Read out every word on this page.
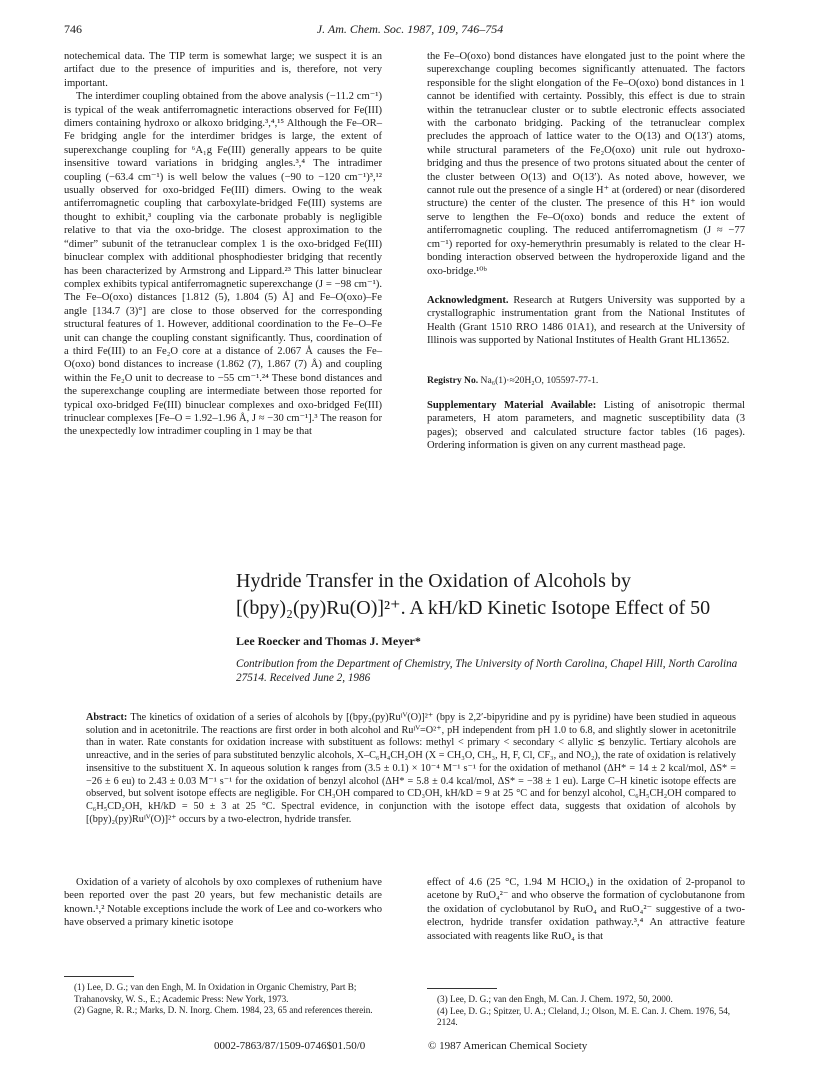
746	J. Am. Chem. Soc. 1987, 109, 746–754

notechemical data. The TIP term is somewhat large; we suspect it is an artifact due to the presence of impurities and is, therefore, not very important.

The interdimer coupling obtained from the above analysis (−11.2 cm⁻¹) is typical of the weak antiferromagnetic interactions observed for Fe(III) dimers containing hydroxo or alkoxo bridging.³,⁴,¹⁵ Although the Fe–OR–Fe bridging angle for the interdimer bridges is large, the extent of superexchange coupling for ⁶A₁g Fe(III) generally appears to be quite insensitive toward variations in bridging angles.³,⁴ The intradimer coupling (−63.4 cm⁻¹) is well below the values (−90 to −120 cm⁻¹)³,¹² usually observed for oxo-bridged Fe(III) dimers. Owing to the weak antiferromagnetic coupling that carboxylate-bridged Fe(III) systems are thought to exhibit,³ coupling via the carbonate probably is negligible relative to that via the oxo-bridge. The closest approximation to the “dimer” subunit of the tetranuclear complex 1 is the oxo-bridged Fe(III) binuclear complex with additional phosphodiester bridging that recently has been characterized by Armstrong and Lippard.²³ This latter binuclear complex exhibits typical antiferromagnetic superexchange (J = −98 cm⁻¹). The Fe–O(oxo) distances [1.812 (5), 1.804 (5) Å] and Fe–O(oxo)–Fe angle [134.7 (3)°] are close to those observed for the corresponding structural features of 1. However, additional coordination to the Fe–O–Fe unit can change the coupling constant significantly. Thus, coordination of a third Fe(III) to an Fe₂O core at a distance of 2.067 Å causes the Fe–O(oxo) bond distances to increase (1.862 (7), 1.867 (7) Å) and coupling within the Fe₂O unit to decrease to −55 cm⁻¹.²⁴ These bond distances and the superexchange coupling are intermediate between those reported for typical oxo-bridged Fe(III) binuclear complexes and oxo-bridged Fe(III) trinuclear complexes [Fe–O = 1.92–1.96 Å, J ≈ −30 cm⁻¹].³ The reason for the unexpectedly low intradimer coupling in 1 may be that

the Fe–O(oxo) bond distances have elongated just to the point where the superexchange coupling becomes significantly attenuated. The factors responsible for the slight elongation of the Fe–O(oxo) bond distances in 1 cannot be identified with certainty. Possibly, this effect is due to strain within the tetranuclear cluster or to subtle electronic effects associated with the carbonato bridging. Packing of the tetranuclear complex precludes the approach of lattice water to the O(13) and O(13′) atoms, while structural parameters of the Fe₂O(oxo) unit rule out hydroxo-bridging and thus the presence of two protons situated about the center of the cluster between O(13) and O(13′). As noted above, however, we cannot rule out the presence of a single H⁺ at (ordered) or near (disordered structure) the center of the cluster. The presence of this H⁺ ion would serve to lengthen the Fe–O(oxo) bonds and reduce the extent of antiferromagnetic coupling. The reduced antiferromagnetism (J ≈ −77 cm⁻¹) reported for oxy-hemerythrin presumably is related to the clear H-bonding interaction observed between the hydroperoxide ligand and the oxo-bridge.¹⁰ᵇ

Acknowledgment. Research at Rutgers University was supported by a crystallographic instrumentation grant from the National Institutes of Health (Grant 1510 RRO 1486 01A1), and research at the University of Illinois was supported by National Institutes of Health Grant HL13652.
Registry No. Na₆(1)·≈20H₂O, 105597-77-1.
Supplementary Material Available: Listing of anisotropic thermal parameters, H atom parameters, and magnetic susceptibility data (3 pages); observed and calculated structure factor tables (16 pages). Ordering information is given on any current masthead page.
Hydride Transfer in the Oxidation of Alcohols by
[(bpy)₂(py)Ru(O)]²⁺. A kH/kD Kinetic Isotope Effect of 50
Lee Roecker and Thomas J. Meyer*
Contribution from the Department of Chemistry, The University of North Carolina, Chapel Hill, North Carolina 27514. Received June 2, 1986
Abstract: The kinetics of oxidation of a series of alcohols by [(bpy₂(py)Ruᴵⱽ(O)]²⁺ (bpy is 2,2′-bipyridine and py is pyridine) have been studied in aqueous solution and in acetonitrile. The reactions are first order in both alcohol and Ruᴵⱽ=O²⁺, pH independent from pH 1.0 to 6.8, and slightly slower in acetonitrile than in water. Rate constants for oxidation increase with substituent as follows: methyl < primary < secondary < allylic ≲ benzylic. Tertiary alcohols are unreactive, and in the series of para substituted benzylic alcohols, X–C₆H₄CH₂OH (X = CH₃O, CH₃, H, F, Cl, CF₃, and NO₂), the rate of oxidation is relatively insensitive to the substituent X. In aqueous solution k ranges from (3.5 ± 0.1) × 10⁻⁴ M⁻¹ s⁻¹ for the oxidation of methanol (ΔH* = 14 ± 2 kcal/mol, ΔS* = −26 ± 6 eu) to 2.43 ± 0.03 M⁻¹ s⁻¹ for the oxidation of benzyl alcohol (ΔH* = 5.8 ± 0.4 kcal/mol, ΔS* = −38 ± 1 eu). Large C–H kinetic isotope effects are observed, but solvent isotope effects are negligible. For CH₃OH compared to CD₃OH, kH/kD = 9 at 25 °C and for benzyl alcohol, C₆H₅CH₂OH compared to C₆H₅CD₂OH, kH/kD = 50 ± 3 at 25 °C. Spectral evidence, in conjunction with the isotope effect data, suggests that oxidation of alcohols by [(bpy)₂(py)Ruᴵⱽ(O)]²⁺ occurs by a two-electron, hydride transfer.
Oxidation of a variety of alcohols by oxo complexes of ruthenium have been reported over the past 20 years, but few mechanistic details are known.¹,² Notable exceptions include the work of Lee and co-workers who have observed a primary kinetic isotope
effect of 4.6 (25 °C, 1.94 M HClO₄) in the oxidation of 2-propanol to acetone by RuO₄²⁻ and who observe the formation of cyclobutanone from the oxidation of cyclobutanol by RuO₄ and RuO₄²⁻ suggestive of a two-electron, hydride transfer oxidation pathway.³,⁴ An attractive feature associated with reagents like RuO₄ is that

(1) Lee, D. G.; van den Engh, M. In Oxidation in Organic Chemistry, Part B; Trahanovsky, W. S., E.; Academic Press: New York, 1973.

(2) Gagne, R. R.; Marks, D. N. Inorg. Chem. 1984, 23, 65 and references therein.

(3) Lee, D. G.; van den Engh, M. Can. J. Chem. 1972, 50, 2000.

(4) Lee, D. G.; Spitzer, U. A.; Cleland, J.; Olson, M. E. Can. J. Chem. 1976, 54, 2124.

0002-7863/87/1509-0746$01.50/0	© 1987 American Chemical Society
